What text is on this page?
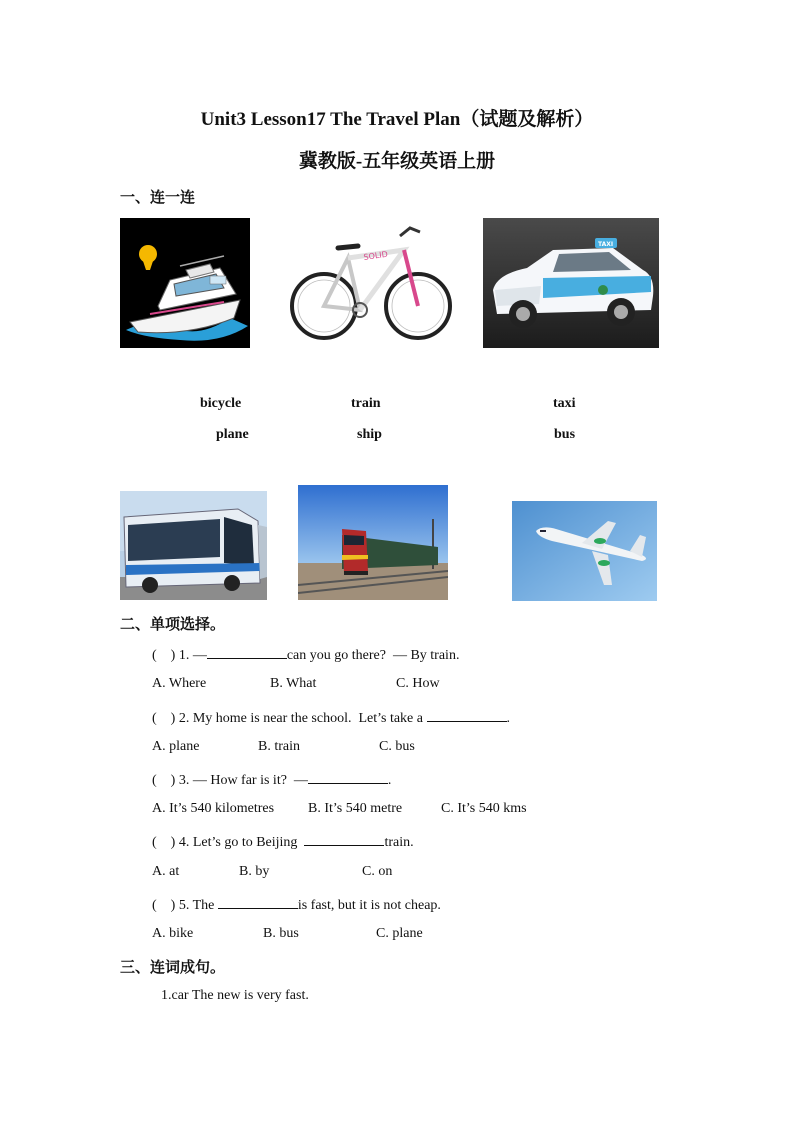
Unit3 Lesson17 The Travel Plan（试题及解析）
冀教版-五年级英语上册
一、连一连
SOLID
TAXI
bicycle	train	taxi
plane	ship	bus
二、单项选择。
(    ) 1. —	can you go there?  — By train.
A. Where	B. What	C. How
(    ) 2. My home is near the school.  Let’s take a	.
A. plane	B. train	C. bus
(    ) 3. — How far is it?  —	.
A. It’s 540 kilometres B. It’s 540 metre	C. It’s 540 kms
(    ) 4. Let’s go to Beijing	train.
A. at	B. by	C. on
(    ) 5. The	is fast, but it is not cheap.
A. bike	B. bus	C. plane
三、连词成句。
1.car The new is very fast.
